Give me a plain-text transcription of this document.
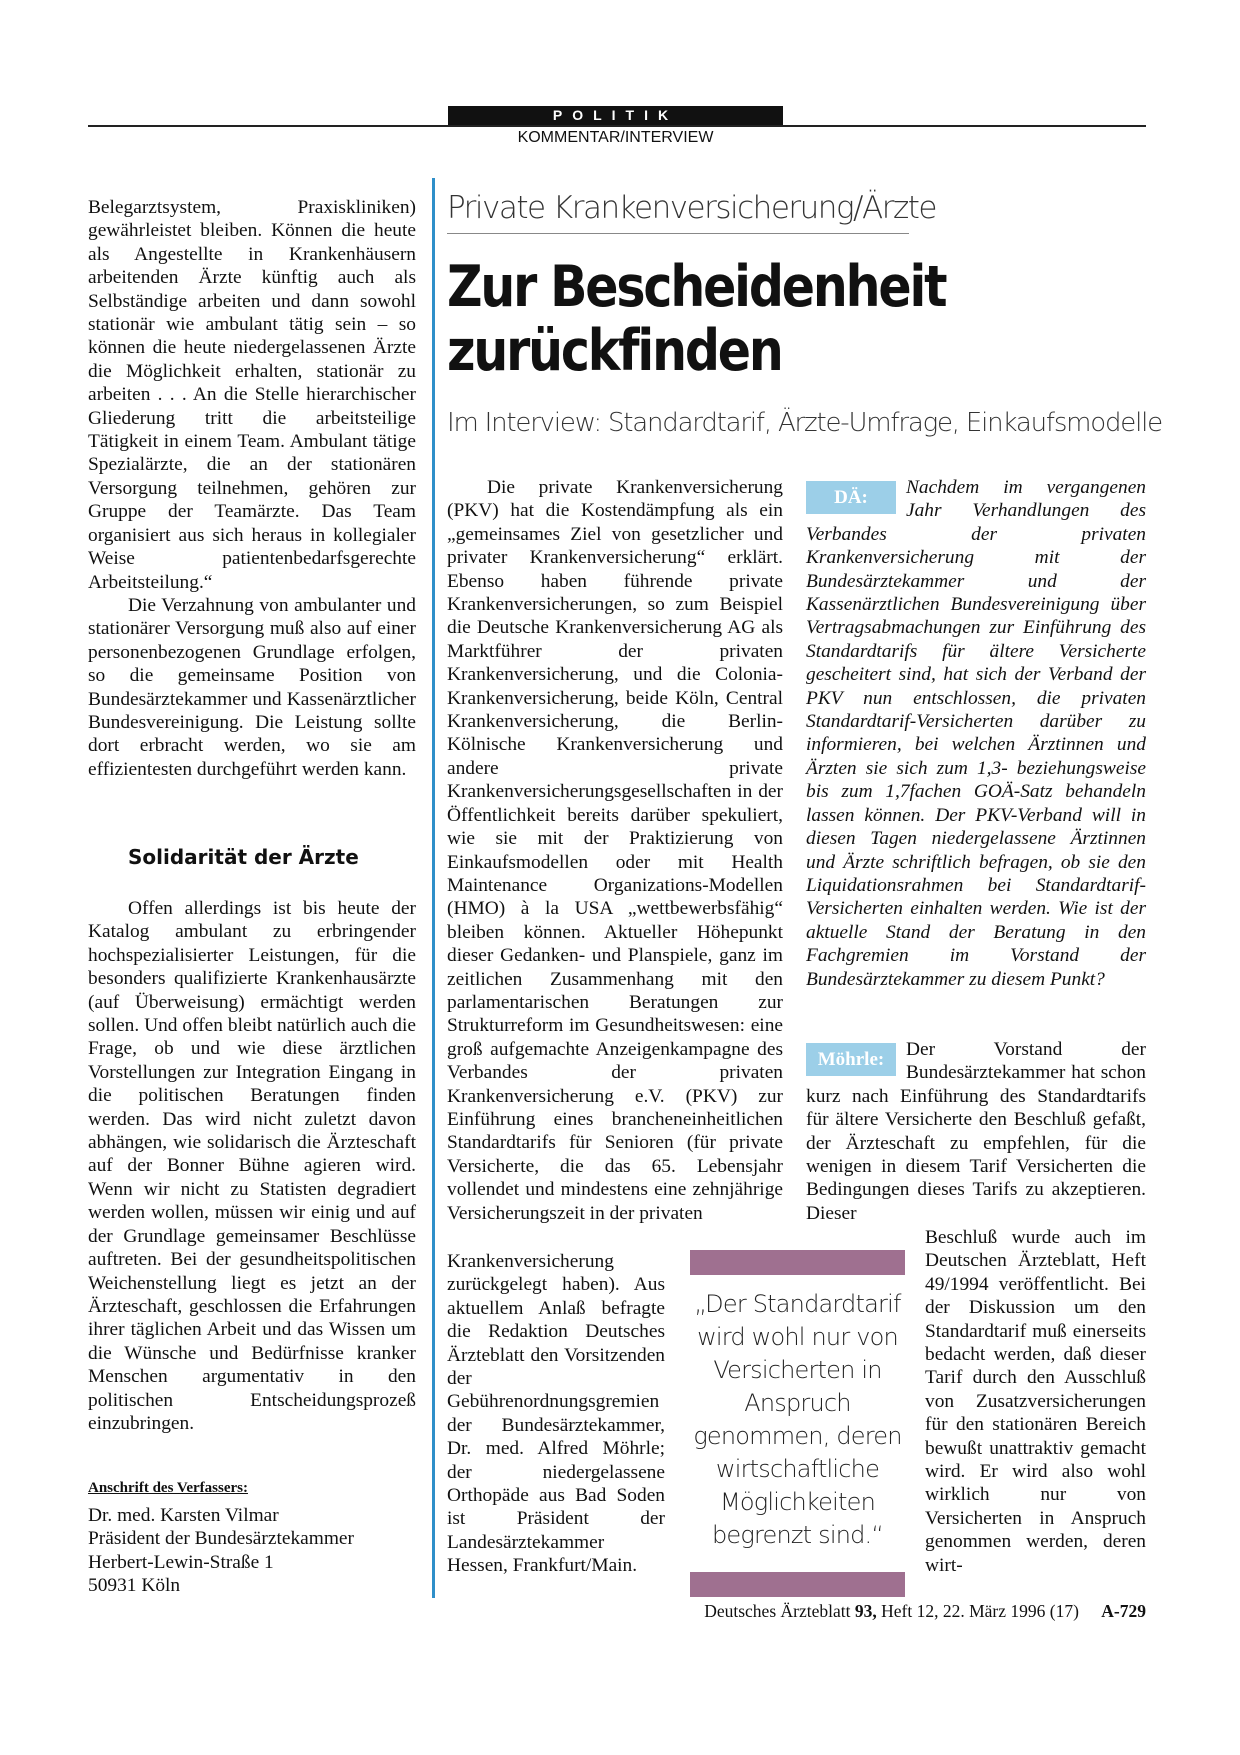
POLITIK
KOMMENTAR/INTERVIEW

Belegarztsystem, Praxiskliniken) gewährleistet bleiben. Können die heute als Angestellte in Krankenhäusern arbeitenden Ärzte künftig auch als Selbständige arbeiten und dann sowohl stationär wie ambulant tätig sein – so können die heute niedergelassenen Ärzte die Möglichkeit erhalten, stationär zu arbeiten . . . An die Stelle hierarchischer Gliederung tritt die arbeitsteilige Tätigkeit in einem Team. Ambulant tätige Spezialärzte, die an der stationären Versorgung teilnehmen, gehören zur Gruppe der Teamärzte. Das Team organisiert aus sich heraus in kollegialer Weise patientenbedarfsgerechte Arbeitsteilung.“

Die Verzahnung von ambulanter und stationärer Versorgung muß also auf einer personenbezogenen Grundlage erfolgen, so die gemeinsame Position von Bundesärztekammer und Kassenärztlicher Bundesvereinigung. Die Leistung sollte dort erbracht werden, wo sie am effizientesten durchgeführt werden kann.

Solidarität der Ärzte

Offen allerdings ist bis heute der Katalog ambulant zu erbringender hochspezialisierter Leistungen, für die besonders qualifizierte Krankenhausärzte (auf Überweisung) ermächtigt werden sollen. Und offen bleibt natürlich auch die Frage, ob und wie diese ärztlichen Vorstellungen zur Integration Eingang in die politischen Beratungen finden werden. Das wird nicht zuletzt davon abhängen, wie solidarisch die Ärzteschaft auf der Bonner Bühne agieren wird. Wenn wir nicht zu Statisten degradiert werden wollen, müssen wir einig und auf der Grundlage gemeinsamer Beschlüsse auftreten. Bei der gesundheitspolitischen Weichenstellung liegt es jetzt an der Ärzteschaft, geschlossen die Erfahrungen ihrer täglichen Arbeit und das Wissen um die Wünsche und Bedürfnisse kranker Menschen argumentativ in den politischen Entscheidungsprozeß einzubringen.

Anschrift des Verfassers:
Dr. med. Karsten Vilmar
Präsident der Bundesärztekammer
Herbert-Lewin-Straße 1
50931 Köln
Private Krankenversicherung/Ärzte
Zur Bescheidenheit
zurückfinden
Im Interview: Standardtarif, Ärzte-Umfrage, Einkaufsmodelle

Die private Krankenversicherung (PKV) hat die Kostendämpfung als ein „gemeinsames Ziel von gesetzlicher und privater Krankenversicherung“ erklärt. Ebenso haben führende private Krankenversicherungen, so zum Beispiel die Deutsche Krankenversicherung AG als Marktführer der privaten Krankenversicherung, und die Colonia-Krankenversicherung, beide Köln, Central Krankenversicherung, die Berlin-Kölnische Krankenversicherung und andere private Krankenversicherungsgesellschaften in der Öffentlichkeit bereits darüber spekuliert, wie sie mit der Praktizierung von Einkaufsmodellen oder mit Health Maintenance Organizations-Modellen (HMO) à la USA „wettbewerbsfähig“ bleiben können. Aktueller Höhepunkt dieser Gedanken- und Planspiele, ganz im zeitlichen Zusammenhang mit den parlamentarischen Beratungen zur Strukturreform im Gesundheitswesen: eine groß aufgemachte Anzeigenkampagne des Verbandes der privaten Krankenversicherung e.V. (PKV) zur Einführung eines brancheneinheitlichen Standardtarifs für Senioren (für private Versicherte, die das 65. Lebensjahr vollendet und mindestens eine zehnjährige Versicherungszeit in der privaten

Krankenversicherung zurückgelegt haben). Aus aktuellem Anlaß befragte die Redaktion Deutsches Ärzteblatt den Vorsitzenden der Gebührenordnungsgremien der Bundesärztekammer, Dr. med. Alfred Möhrle; der niedergelassene Orthopäde aus Bad Soden ist Präsident der Landesärztekammer Hessen, Frankfurt/Main.

DÄ:	Nachdem im vergangenen Jahr Verhandlungen des Verbandes der privaten Krankenversicherung mit der Bundesärztekammer und der Kassenärztlichen Bundesvereinigung über Vertragsabmachungen zur Einführung des Standardtarifs für ältere Versicherte gescheitert sind, hat sich der Verband der PKV nun entschlossen, die privaten Standardtarif-Versicherten darüber zu informieren, bei welchen Ärztinnen und Ärzten sie sich zum 1,3- beziehungsweise bis zum 1,7fachen GOÄ-Satz behandeln lassen können. Der PKV-Verband will in diesen Tagen niedergelassene Ärztinnen und Ärzte schriftlich befragen, ob sie den Liquidationsrahmen bei Standardtarif-Versicherten einhalten werden. Wie ist der aktuelle Stand der Beratung in den Fachgremien im Vorstand der Bundesärztekammer zu diesem Punkt?

Möhrle:	Der Vorstand der Bundesärztekammer hat schon kurz nach Einführung des Standardtarifs für ältere Versicherte den Beschluß gefaßt, der Ärzteschaft zu empfehlen, für die wenigen in diesem Tarif Versicherten die Bedingungen dieses Tarifs zu akzeptieren. Dieser

Beschluß wurde auch im Deutschen Ärzteblatt, Heft 49/1994 veröffentlicht. Bei der Diskussion um den Standardtarif muß einerseits bedacht werden, daß dieser Tarif durch den Ausschluß von Zusatzversicherungen für den stationären Bereich bewußt unattraktiv gemacht wird. Er wird also wohl wirklich nur von Versicherten in Anspruch genommen werden, deren wirt-

„Der Standardtarif wird wohl nur von Versicherten in Anspruch genommen, deren wirtschaftliche Möglichkeiten begrenzt sind.“
Deutsches Ärzteblatt 93, Heft 12, 22. März 1996 (17) A-729
